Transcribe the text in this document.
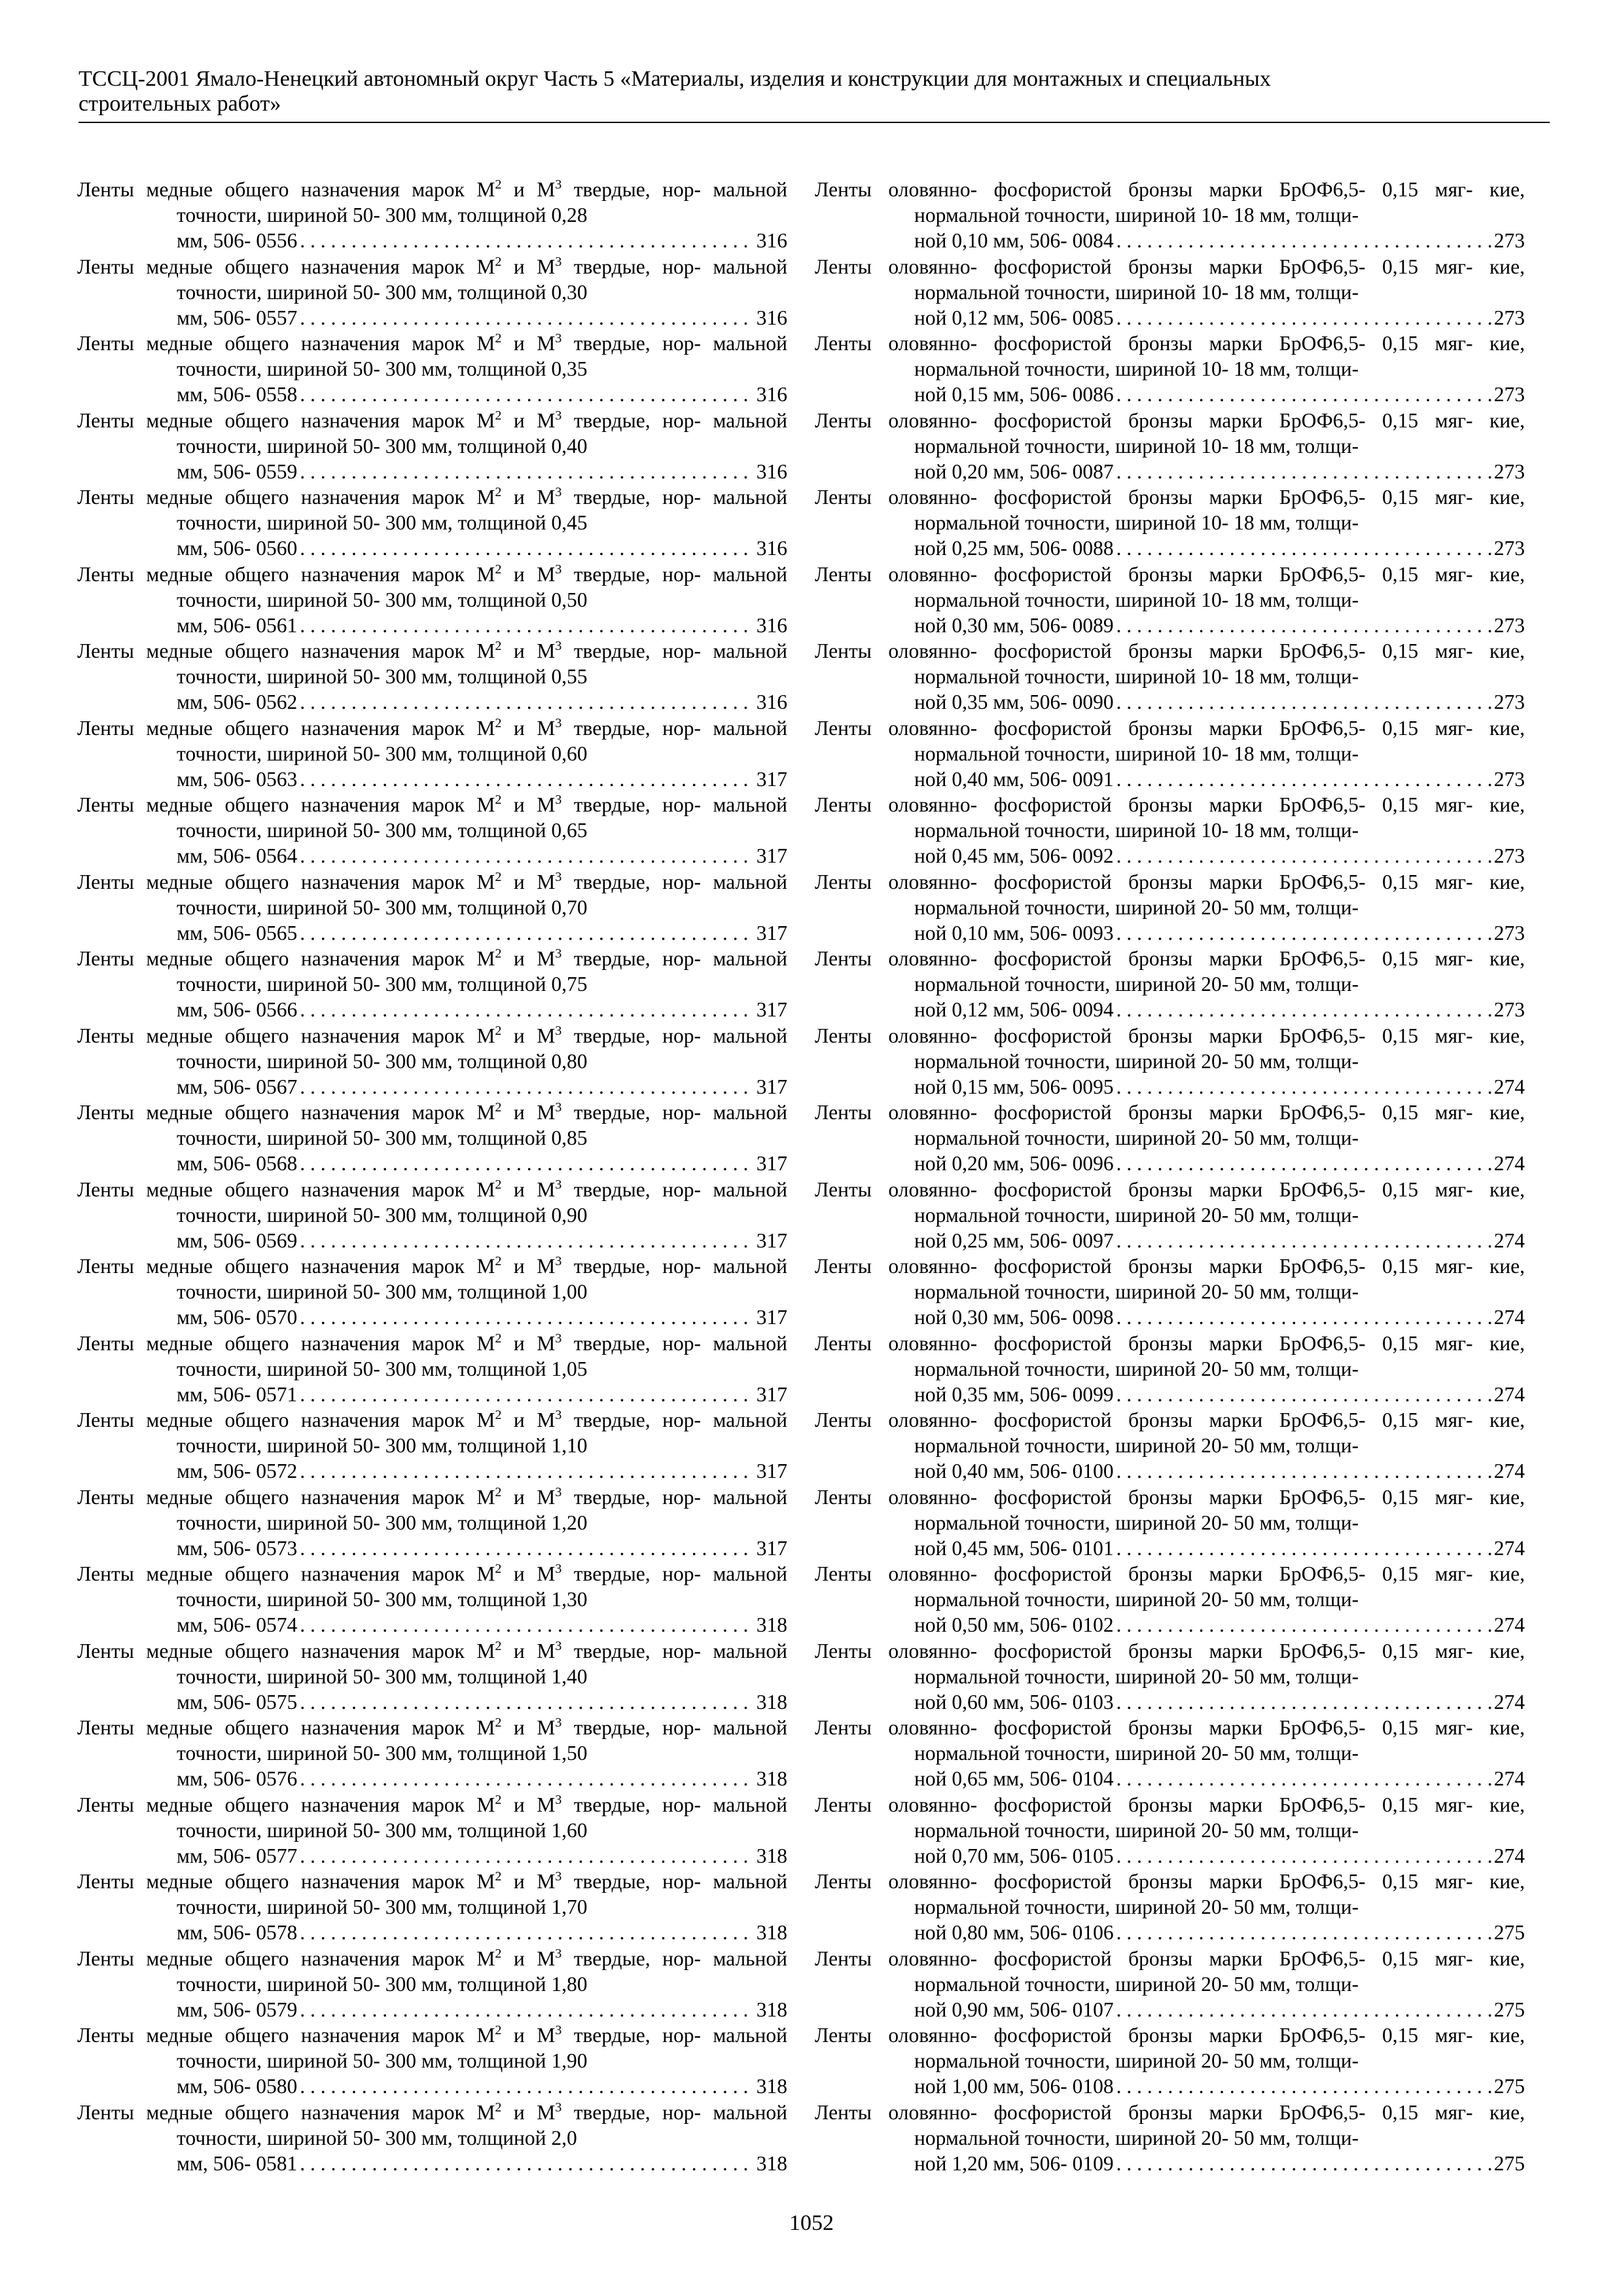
ТССЦ-2001 Ямало-Ненецкий автономный округ Часть 5 «Материалы, изделия и конструкции для монтажных и специальных
строительных работ»
Ленты медные общего назначения марок $М^2$ и $М^3$ твердые, нор- мальной точности, шириной 50- 300 мм, толщиной 0,28
мм, 506- 0556 . . .	316
Ленты медные общего назначения марок $М^2$ и $М^3$ твердые, нор- мальной точности, шириной 50- 300 мм, толщиной 0,30
мм, 506- 0557 . . .	316
Ленты медные общего назначения марок $М^2$ и $М^3$ твердые, нор- мальной точности, шириной 50- 300 мм, толщиной 0,35
мм, 506- 0558 . . .	316
Ленты медные общего назначения марок $М^2$ и $М^3$ твердые, нор- мальной точности, шириной 50- 300 мм, толщиной 0,40
мм, 506- 0559 . . .	316
Ленты медные общего назначения марок $М^2$ и $М^3$ твердые, нор- мальной точности, шириной 50- 300 мм, толщиной 0,45
мм, 506- 0560 . . .	316
Ленты медные общего назначения марок $М^2$ и $М^3$ твердые, нор- мальной точности, шириной 50- 300 мм, толщиной 0,50
мм, 506- 0561 . . .	316
Ленты медные общего назначения марок $М^2$ и $М^3$ твердые, нор- мальной точности, шириной 50- 300 мм, толщиной 0,55
мм, 506- 0562 . . .	316
Ленты медные общего назначения марок $М^2$ и $М^3$ твердые, нор- мальной точности, шириной 50- 300 мм, толщиной 0,60
мм, 506- 0563 . . .	317
Ленты медные общего назначения марок $М^2$ и $М^3$ твердые, нор- мальной точности, шириной 50- 300 мм, толщиной 0,65
мм, 506- 0564 . . .	317
Ленты медные общего назначения марок $М^2$ и $М^3$ твердые, нор- мальной точности, шириной 50- 300 мм, толщиной 0,70
мм, 506- 0565 . . .	317
Ленты медные общего назначения марок $М^2$ и $М^3$ твердые, нор- мальной точности, шириной 50- 300 мм, толщиной 0,75
мм, 506- 0566 . . .	317
Ленты медные общего назначения марок $М^2$ и $М^3$ твердые, нор- мальной точности, шириной 50- 300 мм, толщиной 0,80
мм, 506- 0567 . . .	317
Ленты медные общего назначения марок $М^2$ и $М^3$ твердые, нор- мальной точности, шириной 50- 300 мм, толщиной 0,85
мм, 506- 0568 . . .	317
Ленты медные общего назначения марок $М^2$ и $М^3$ твердые, нор- мальной точности, шириной 50- 300 мм, толщиной 0,90
мм, 506- 0569 . . .	317
Ленты медные общего назначения марок $М^2$ и $М^3$ твердые, нор- мальной точности, шириной 50- 300 мм, толщиной 1,00
мм, 506- 0570 . . .	317
Ленты медные общего назначения марок $М^2$ и $М^3$ твердые, нор- мальной точности, шириной 50- 300 мм, толщиной 1,05
мм, 506- 0571 . . .	317
Ленты медные общего назначения марок $М^2$ и $М^3$ твердые, нор- мальной точности, шириной 50- 300 мм, толщиной 1,10
мм, 506- 0572 . . .	317
Ленты медные общего назначения марок $М^2$ и $М^3$ твердые, нор- мальной точности, шириной 50- 300 мм, толщиной 1,20
мм, 506- 0573 . . .	317
Ленты медные общего назначения марок $М^2$ и $М^3$ твердые, нор- мальной точности, шириной 50- 300 мм, толщиной 1,30
мм, 506- 0574 . . .	318
Ленты медные общего назначения марок $М^2$ и $М^3$ твердые, нор- мальной точности, шириной 50- 300 мм, толщиной 1,40
мм, 506- 0575 . . .	318
Ленты медные общего назначения марок $М^2$ и $М^3$ твердые, нор- мальной точности, шириной 50- 300 мм, толщиной 1,50
мм, 506- 0576 . . .	318
Ленты медные общего назначения марок $М^2$ и $М^3$ твердые, нор- мальной точности, шириной 50- 300 мм, толщиной 1,60
мм, 506- 0577 . . .	318
Ленты медные общего назначения марок $М^2$ и $М^3$ твердые, нор- мальной точности, шириной 50- 300 мм, толщиной 1,70
мм, 506- 0578 . . .	318
Ленты медные общего назначения марок $М^2$ и $М^3$ твердые, нор- мальной точности, шириной 50- 300 мм, толщиной 1,80
мм, 506- 0579 . . .	318
Ленты медные общего назначения марок $М^2$ и $М^3$ твердые, нор- мальной точности, шириной 50- 300 мм, толщиной 1,90
мм, 506- 0580 . . .	318
Ленты медные общего назначения марок $М^2$ и $М^3$ твердые, нор- мальной точности, шириной 50- 300 мм, толщиной 2,0
мм, 506- 0581 . . .	318
Ленты оловянно- фосфористой бронзы марки БрОФ6,5- 0,15 мяг- кие, нормальной точности, шириной 10- 18 мм, толщи-
ной 0,10 мм, 506- 0084 . . .	273
Ленты оловянно- фосфористой бронзы марки БрОФ6,5- 0,15 мяг- кие, нормальной точности, шириной 10- 18 мм, толщи-
ной 0,12 мм, 506- 0085 . . .	273
Ленты оловянно- фосфористой бронзы марки БрОФ6,5- 0,15 мяг- кие, нормальной точности, шириной 10- 18 мм, толщи-
ной 0,15 мм, 506- 0086 . . .	273
Ленты оловянно- фосфористой бронзы марки БрОФ6,5- 0,15 мяг- кие, нормальной точности, шириной 10- 18 мм, толщи-
ной 0,20 мм, 506- 0087 . . .	273
Ленты оловянно- фосфористой бронзы марки БрОФ6,5- 0,15 мяг- кие, нормальной точности, шириной 10- 18 мм, толщи-
ной 0,25 мм, 506- 0088 . . .	273
Ленты оловянно- фосфористой бронзы марки БрОФ6,5- 0,15 мяг- кие, нормальной точности, шириной 10- 18 мм, толщи-
ной 0,30 мм, 506- 0089 . . .	273
Ленты оловянно- фосфористой бронзы марки БрОФ6,5- 0,15 мяг- кие, нормальной точности, шириной 10- 18 мм, толщи-
ной 0,35 мм, 506- 0090 . . .	273
Ленты оловянно- фосфористой бронзы марки БрОФ6,5- 0,15 мяг- кие, нормальной точности, шириной 10- 18 мм, толщи-
ной 0,40 мм, 506- 0091 . . .	273
Ленты оловянно- фосфористой бронзы марки БрОФ6,5- 0,15 мяг- кие, нормальной точности, шириной 10- 18 мм, толщи-
ной 0,45 мм, 506- 0092 . . .	273
Ленты оловянно- фосфористой бронзы марки БрОФ6,5- 0,15 мяг- кие, нормальной точности, шириной 20- 50 мм, толщи-
ной 0,10 мм, 506- 0093 . . .	273
Ленты оловянно- фосфористой бронзы марки БрОФ6,5- 0,15 мяг- кие, нормальной точности, шириной 20- 50 мм, толщи-
ной 0,12 мм, 506- 0094 . . .	273
Ленты оловянно- фосфористой бронзы марки БрОФ6,5- 0,15 мяг- кие, нормальной точности, шириной 20- 50 мм, толщи-
ной 0,15 мм, 506- 0095 . . .	274
Ленты оловянно- фосфористой бронзы марки БрОФ6,5- 0,15 мяг- кие, нормальной точности, шириной 20- 50 мм, толщи-
ной 0,20 мм, 506- 0096 . . .	274
Ленты оловянно- фосфористой бронзы марки БрОФ6,5- 0,15 мяг- кие, нормальной точности, шириной 20- 50 мм, толщи-
ной 0,25 мм, 506- 0097 . . .	274
Ленты оловянно- фосфористой бронзы марки БрОФ6,5- 0,15 мяг- кие, нормальной точности, шириной 20- 50 мм, толщи-
ной 0,30 мм, 506- 0098 . . .	274
Ленты оловянно- фосфористой бронзы марки БрОФ6,5- 0,15 мяг- кие, нормальной точности, шириной 20- 50 мм, толщи-
ной 0,35 мм, 506- 0099 . . .	274
Ленты оловянно- фосфористой бронзы марки БрОФ6,5- 0,15 мяг- кие, нормальной точности, шириной 20- 50 мм, толщи-
ной 0,40 мм, 506- 0100 . . .	274
Ленты оловянно- фосфористой бронзы марки БрОФ6,5- 0,15 мяг- кие, нормальной точности, шириной 20- 50 мм, толщи-
ной 0,45 мм, 506- 0101 . . .	274
Ленты оловянно- фосфористой бронзы марки БрОФ6,5- 0,15 мяг- кие, нормальной точности, шириной 20- 50 мм, толщи-
ной 0,50 мм, 506- 0102 . . .	274
Ленты оловянно- фосфористой бронзы марки БрОФ6,5- 0,15 мяг- кие, нормальной точности, шириной 20- 50 мм, толщи-
ной 0,60 мм, 506- 0103 . . .	274
Ленты оловянно- фосфористой бронзы марки БрОФ6,5- 0,15 мяг- кие, нормальной точности, шириной 20- 50 мм, толщи-
ной 0,65 мм, 506- 0104 . . .	274
Ленты оловянно- фосфористой бронзы марки БрОФ6,5- 0,15 мяг- кие, нормальной точности, шириной 20- 50 мм, толщи-
ной 0,70 мм, 506- 0105 . . .	274
Ленты оловянно- фосфористой бронзы марки БрОФ6,5- 0,15 мяг- кие, нормальной точности, шириной 20- 50 мм, толщи-
ной 0,80 мм, 506- 0106 . . .	275
Ленты оловянно- фосфористой бронзы марки БрОФ6,5- 0,15 мяг- кие, нормальной точности, шириной 20- 50 мм, толщи-
ной 0,90 мм, 506- 0107 . . .	275
Ленты оловянно- фосфористой бронзы марки БрОФ6,5- 0,15 мяг- кие, нормальной точности, шириной 20- 50 мм, толщи-
ной 1,00 мм, 506- 0108 . . .	275
Ленты оловянно- фосфористой бронзы марки БрОФ6,5- 0,15 мяг- кие, нормальной точности, шириной 20- 50 мм, толщи-
ной 1,20 мм, 506- 0109 . . .	275
1052
